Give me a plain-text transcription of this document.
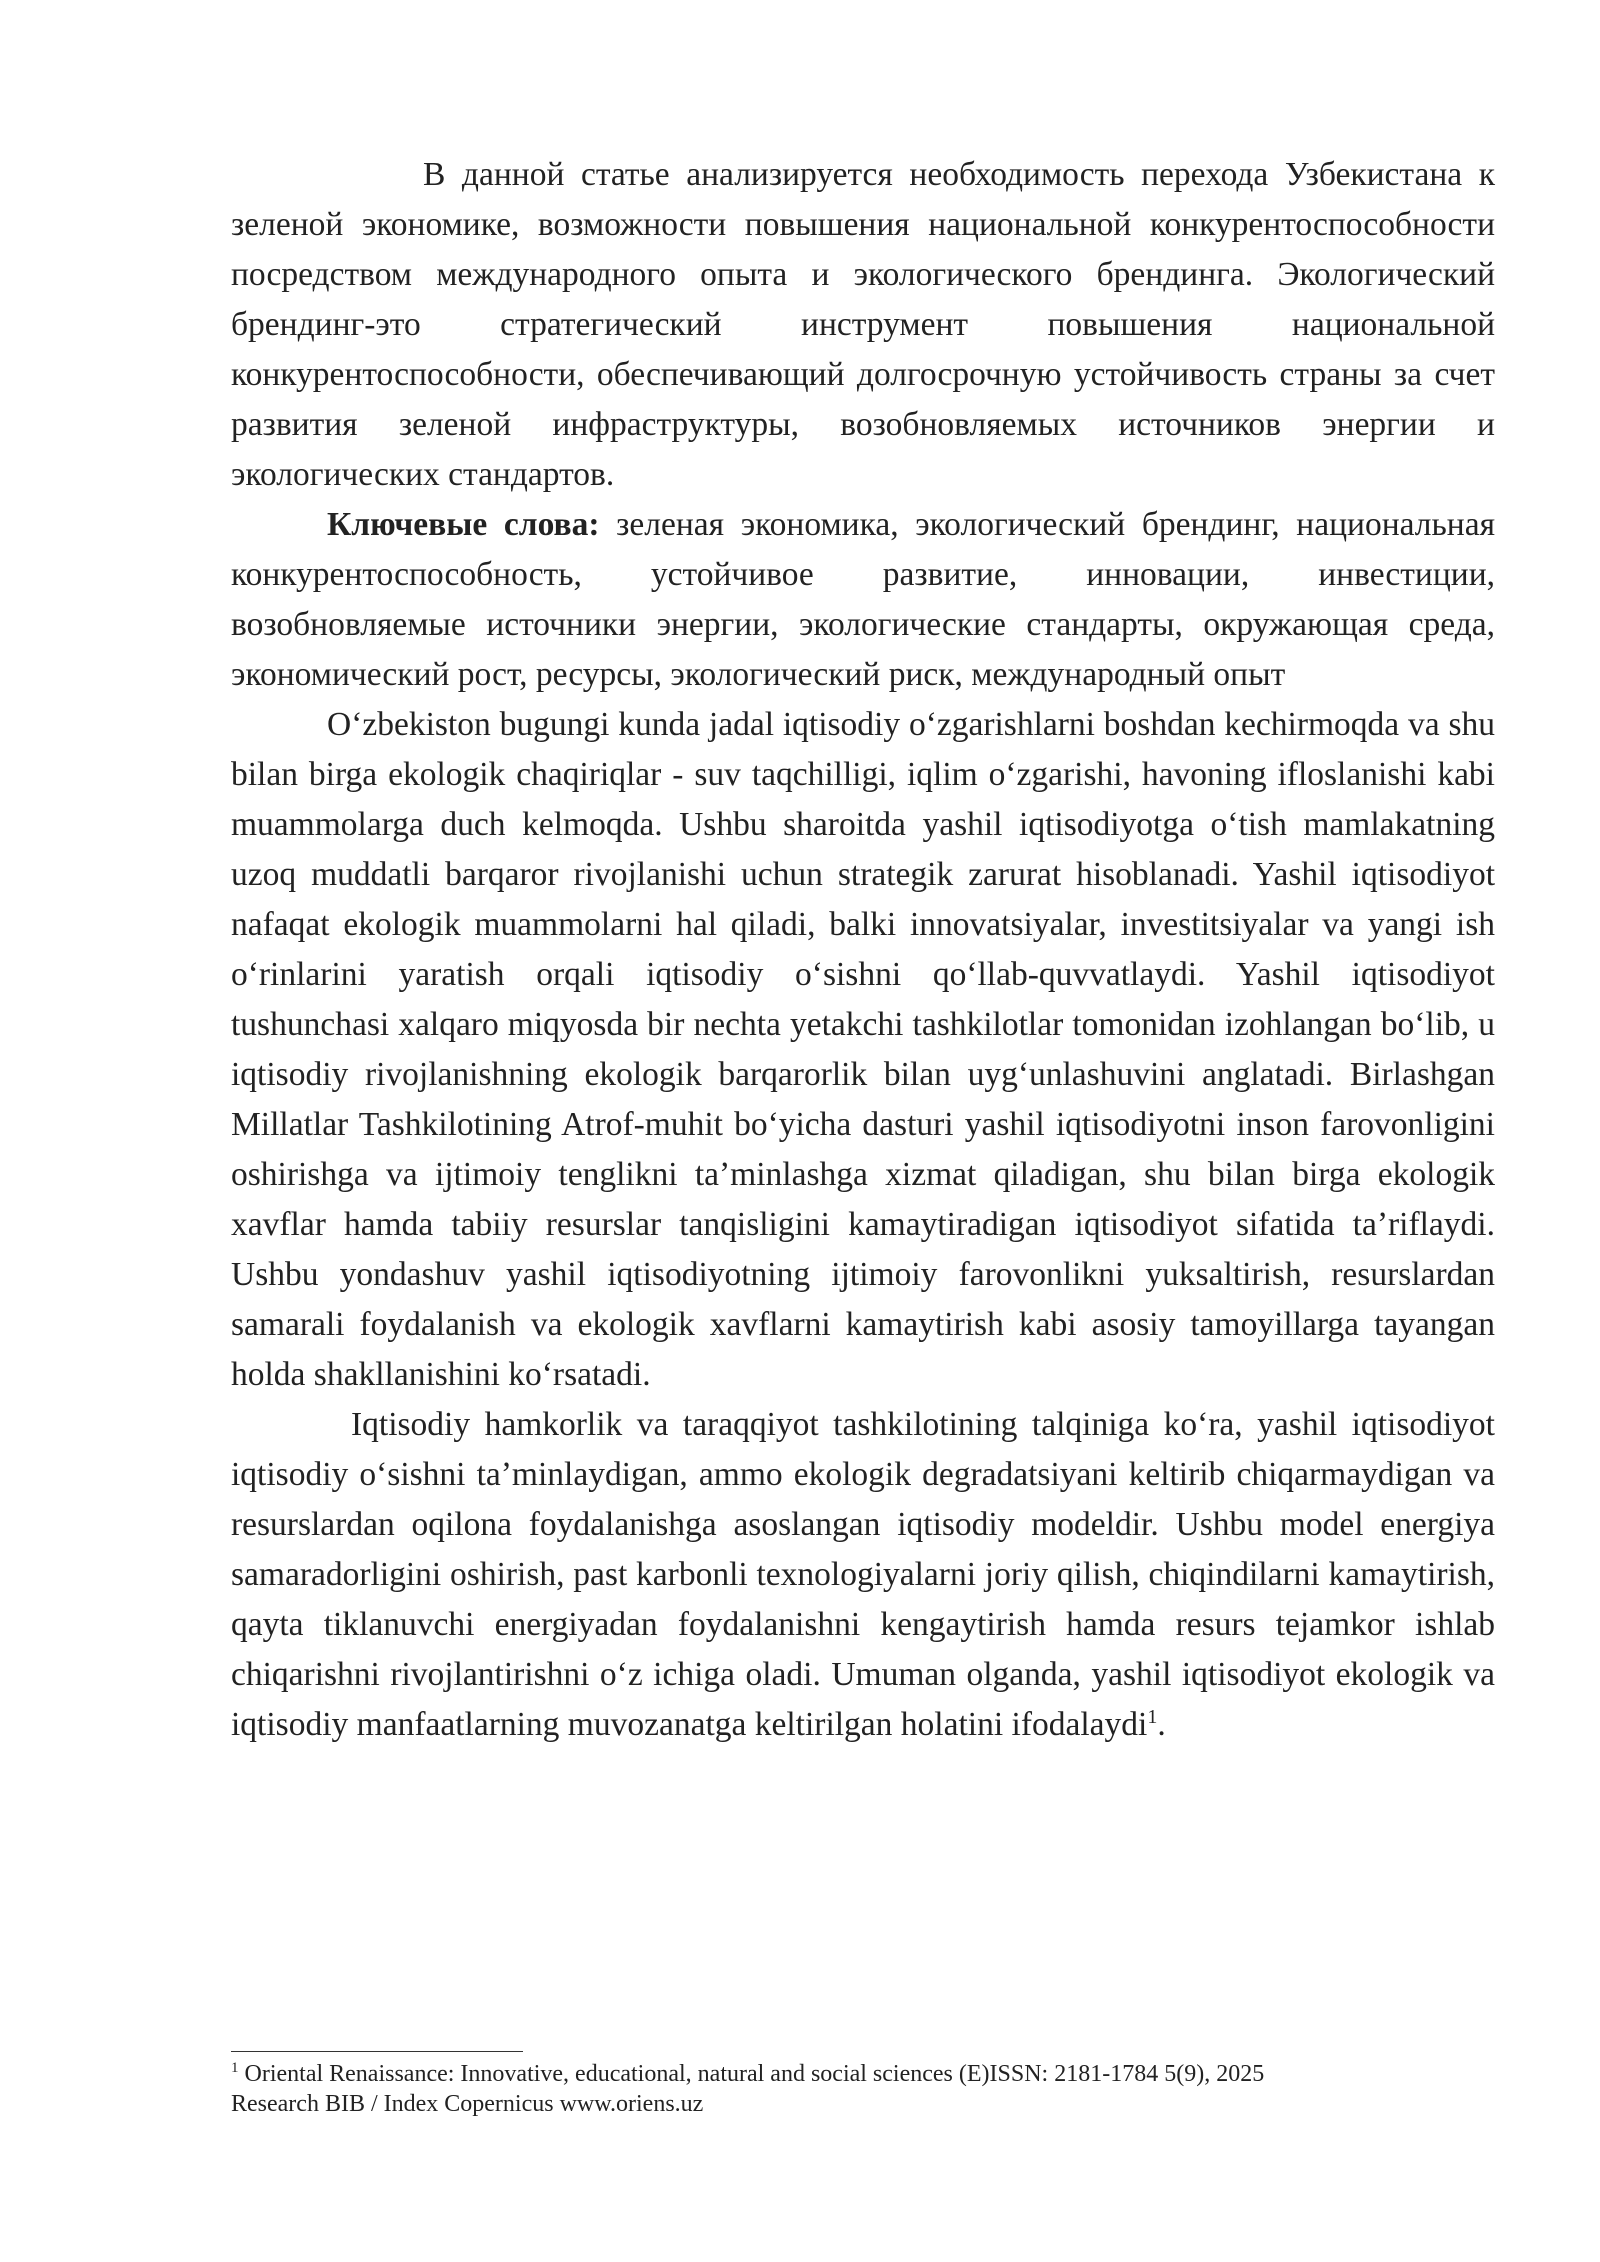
В данной статье анализируется необходимость перехода Узбекистана к зеленой экономике, возможности повышения национальной конкурентоспособности посредством международного опыта и экологического брендинга. Экологический брендинг-это стратегический инструмент повышения национальной конкурентоспособности, обеспечивающий долгосрочную устойчивость страны за счет развития зеленой инфраструктуры, возобновляемых источников энергии и экологических стандартов.

Ключевые слова: зеленая экономика, экологический брендинг, национальная конкурентоспособность, устойчивое развитие, инновации, инвестиции, возобновляемые источники энергии, экологические стандарты, окружающая среда, экономический рост, ресурсы, экологический риск, международный опыт

Oʻzbekiston bugungi kunda jadal iqtisodiy oʻzgarishlarni boshdan kechirmoqda va shu bilan birga ekologik chaqiriqlar - suv taqchilligi, iqlim oʻzgarishi, havoning ifloslanishi kabi muammolarga duch kelmoqda. Ushbu sharoitda yashil iqtisodiyotga oʻtish mamlakatning uzoq muddatli barqaror rivojlanishi uchun strategik zarurat hisoblanadi. Yashil iqtisodiyot nafaqat ekologik muammolarni hal qiladi, balki innovatsiyalar, investitsiyalar va yangi ish oʻrinlarini yaratish orqali iqtisodiy oʻsishni qoʻllab-quvvatlaydi. Yashil iqtisodiyot tushunchasi xalqaro miqyosda bir nechta yetakchi tashkilotlar tomonidan izohlangan boʻlib, u iqtisodiy rivojlanishning ekologik barqarorlik bilan uygʻunlashuvini anglatadi. Birlashgan Millatlar Tashkilotining Atrof-muhit boʻyicha dasturi yashil iqtisodiyotni inson farovonligini oshirishga va ijtimoiy tenglikni taʼminlashga xizmat qiladigan, shu bilan birga ekologik xavflar hamda tabiiy resurslar tanqisligini kamaytiradigan iqtisodiyot sifatida taʼriflaydi. Ushbu yondashuv yashil iqtisodiyotning ijtimoiy farovonlikni yuksaltirish, resurslardan samarali foydalanish va ekologik xavflarni kamaytirish kabi asosiy tamoyillarga tayangan holda shakllanishini koʻrsatadi.

Iqtisodiy hamkorlik va taraqqiyot tashkilotining talqiniga koʻra, yashil iqtisodiyot iqtisodiy oʻsishni taʼminlaydigan, ammo ekologik degradatsiyani keltirib chiqarmaydigan va resurslardan oqilona foydalanishga asoslangan iqtisodiy modeldir. Ushbu model energiya samaradorligini oshirish, past karbonli texnologiyalarni joriy qilish, chiqindilarni kamaytirish, qayta tiklanuvchi energiyadan foydalanishni kengaytirish hamda resurs tejamkor ishlab chiqarishni rivojlantirishni oʻz ichiga oladi. Umuman olganda, yashil iqtisodiyot ekologik va iqtisodiy manfaatlarning muvozanatga keltirilgan holatini ifodalaydi$^1$.

$^1$ Oriental Renaissance: Innovative, educational, natural and social sciences (E)ISSN: 2181-1784 5(9), 2025
Research BIB / Index Copernicus www.oriens.uz
